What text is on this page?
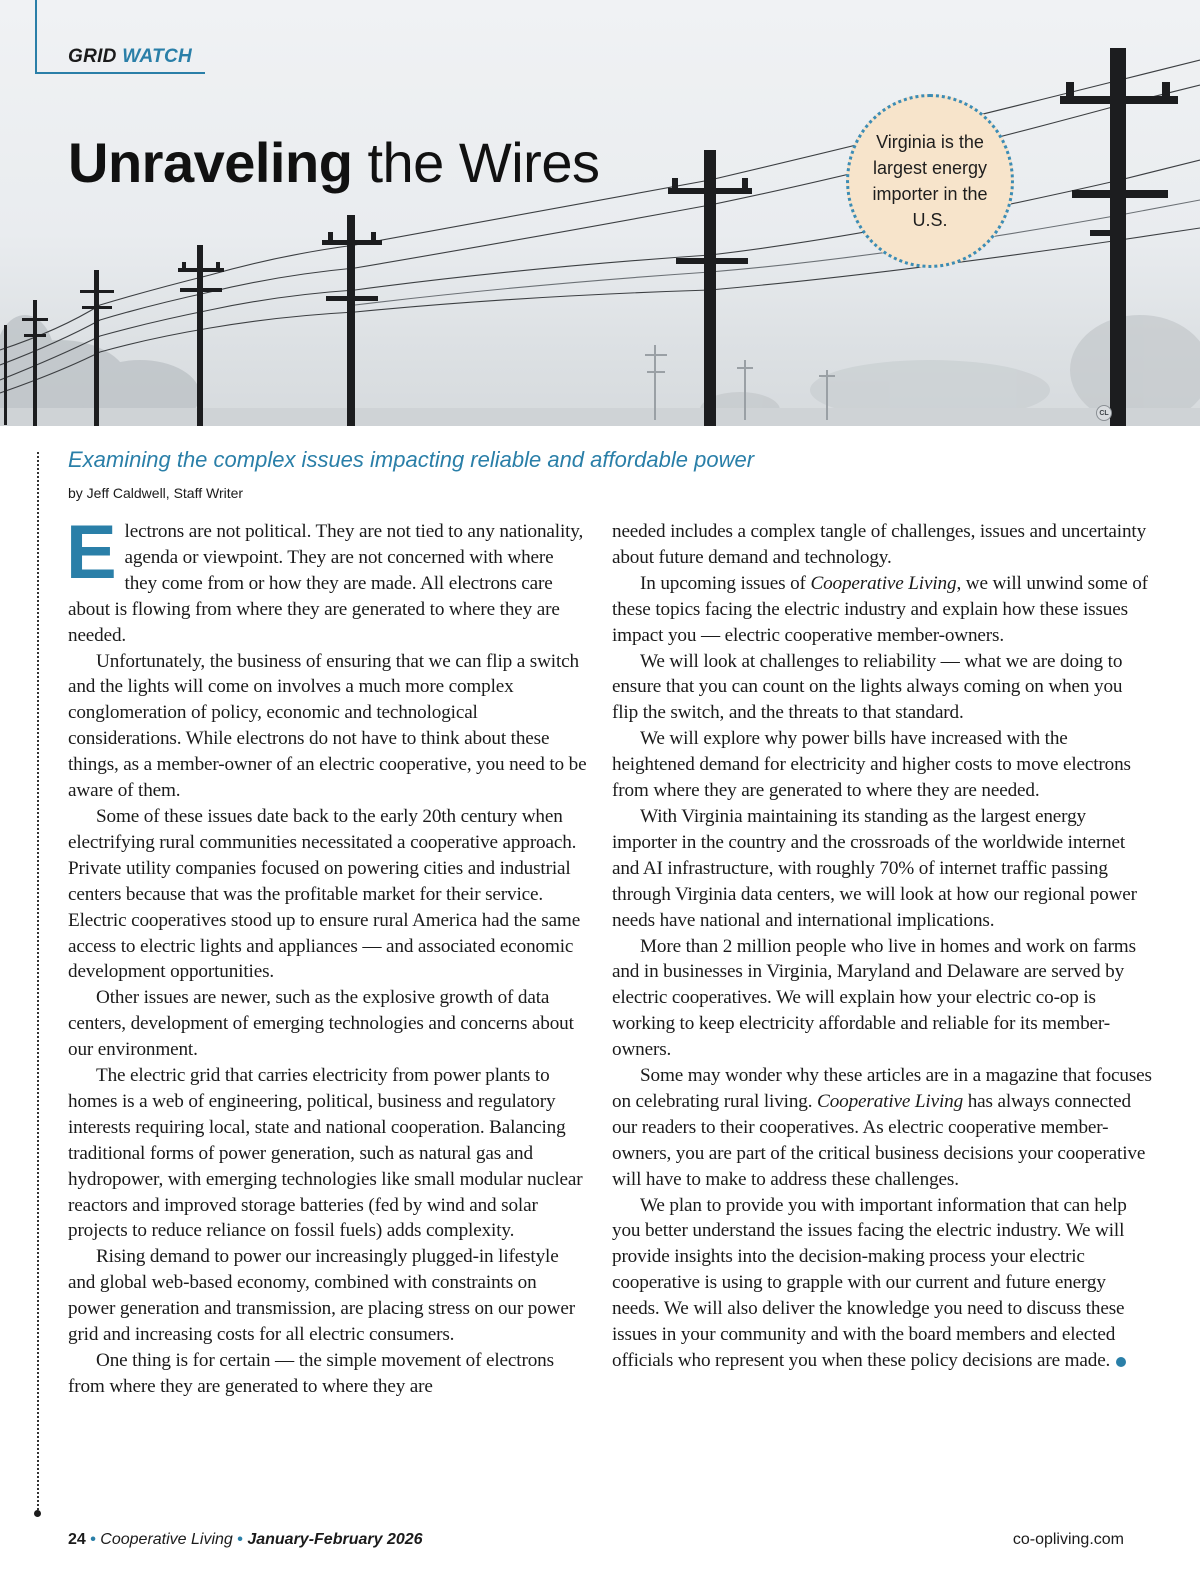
GRID WATCH
Unraveling the Wires	Virginia is the largest energy importer in the U.S.
CL
Examining the complex issues impacting reliable and affordable power
by Jeff Caldwell, Staff Writer

Electrons are not political. They are not tied to any nationality, agenda or viewpoint. They are not concerned with where they come from or how they are made. All electrons care about is flowing from where they are generated to where they are needed.

Unfortunately, the business of ensuring that we can flip a switch and the lights will come on involves a much more complex conglomeration of policy, economic and technological considerations. While electrons do not have to think about these things, as a member-owner of an electric cooperative, you need to be aware of them.

Some of these issues date back to the early 20th century when electrifying rural communities necessitated a cooperative approach. Private utility companies focused on powering cities and industrial centers because that was the profitable market for their service. Electric cooperatives stood up to ensure rural America had the same access to electric lights and appliances — and associated economic development opportunities.

Other issues are newer, such as the explosive growth of data centers, development of emerging technologies and concerns about our environment.

The electric grid that carries electricity from power plants to homes is a web of engineering, political, business and regulatory interests requiring local, state and national cooperation. Balancing traditional forms of power generation, such as natural gas and hydropower, with emerging technologies like small modular nuclear reactors and improved storage batteries (fed by wind and solar projects to reduce reliance on fossil fuels) adds complexity.

Rising demand to power our increasingly plugged-in lifestyle and global web-based economy, combined with constraints on power generation and transmission, are placing stress on our power grid and increasing costs for all electric consumers.

One thing is for certain — the simple movement of electrons from where they are generated to where they are

needed includes a complex tangle of challenges, issues and uncertainty about future demand and technology.

In upcoming issues of Cooperative Living, we will unwind some of these topics facing the electric industry and explain how these issues impact you — electric cooperative member-owners.

We will look at challenges to reliability — what we are doing to ensure that you can count on the lights always coming on when you flip the switch, and the threats to that standard.

We will explore why power bills have increased with the heightened demand for electricity and higher costs to move electrons from where they are generated to where they are needed.

With Virginia maintaining its standing as the largest energy importer in the country and the crossroads of the worldwide internet and AI infrastructure, with roughly 70% of internet traffic passing through Virginia data centers, we will look at how our regional power needs have national and international implications.

More than 2 million people who live in homes and work on farms and in businesses in Virginia, Maryland and Delaware are served by electric cooperatives. We will explain how your electric co-op is working to keep electricity affordable and reliable for its member-owners.

Some may wonder why these articles are in a magazine that focuses on celebrating rural living. Cooperative Living has always connected our readers to their cooperatives. As electric cooperative member-owners, you are part of the critical business decisions your cooperative will have to make to address these challenges.

We plan to provide you with important information that can help you better understand the issues facing the electric industry. We will provide insights into the decision-making process your electric cooperative is using to grapple with our current and future energy needs. We will also deliver the knowledge you need to discuss these issues in your community and with the board members and elected officials who represent you when these policy decisions are made.

24 • Cooperative Living • January-February 2026	co-opliving.com
